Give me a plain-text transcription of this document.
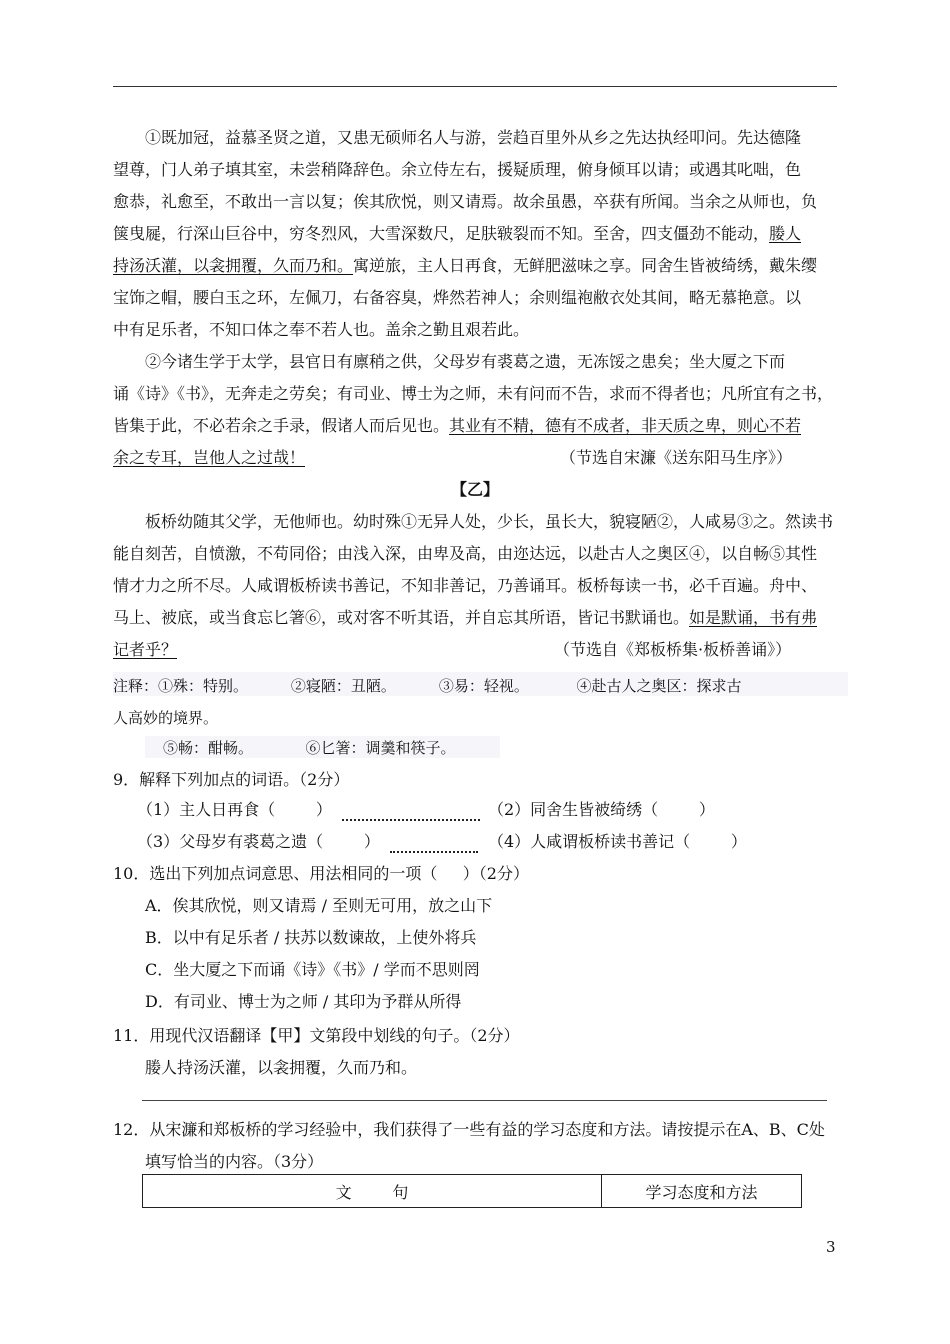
①既加冠，益慕圣贤之道，又患无硕师名人与游，尝趋百里外从乡之先达执经叩问。先达德隆
望尊，门人弟子填其室，未尝稍降辞色。余立侍左右，援疑质理，俯身倾耳以请；或遇其叱咄，色
愈恭，礼愈至，不敢出一言以复；俟其欣悦，则又请焉。故余虽愚，卒获有所闻。当余之从师也，负
箧曳屣，行深山巨谷中，穷冬烈风，大雪深数尺，足肤皲裂而不知。至舍，四支僵劲不能动，媵人
持汤沃灌，以衾拥覆，久而乃和。寓逆旅，主人日再食，无鲜肥滋味之享。同舍生皆被绮绣，戴朱缨
宝饰之帽，腰白玉之环，左佩刀，右备容臭，烨然若神人；余则缊袍敝衣处其间，略无慕艳意。以
中有足乐者，不知口体之奉不若人也。盖余之勤且艰若此。
②今诸生学于太学，县官日有廪稍之供，父母岁有裘葛之遗，无冻馁之患矣；坐大厦之下而
诵《诗》《书》，无奔走之劳矣；有司业、博士为之师，未有问而不告，求而不得者也；凡所宜有之书，
皆集于此，不必若余之手录，假诸人而后见也。其业有不精，德有不成者，非天质之卑，则心不若
余之专耳，岂他人之过哉！	（节选自宋濂《送东阳马生序》）
【乙】
板桥幼随其父学，无他师也。幼时殊①无异人处，少长，虽长大，貌寝陋②，人咸易③之。然读书
能自刻苦，自愤激，不苟同俗；由浅入深，由卑及高，由迩达远，以赴古人之奥区④，以自畅⑤其性
情才力之所不尽。人咸谓板桥读书善记，不知非善记，乃善诵耳。板桥每读一书，必千百遍。舟中、
马上、被底，或当食忘匕箸⑥，或对客不听其语，并自忘其所语，皆记书默诵也。如是默诵，书有弗
记者乎？	（节选自《郑板桥集·板桥善诵》）
注释：①殊：特别。         ②寝陋：丑陋。         ③易：轻视。          ④赴古人之奥区：探求古
人高妙的境界。
⑤畅：酣畅。           ⑥匕箸：调羹和筷子。
9．解释下列加点的词语。（2分）
（1）主人日再食（        ）	（2）同舍生皆被绮绣（        ）
（3）父母岁有裘葛之遗（        ）	（4）人咸谓板桥读书善记（        ）
10．选出下列加点词意思、用法相同的一项（     ）（2分）
A．俟其欣悦，则又请焉 / 至则无可用，放之山下
B．以中有足乐者 / 扶苏以数谏故，上使外将兵
C．坐大厦之下而诵《诗》《书》/ 学而不思则罔
D．有司业、博士为之师 / 其印为予群从所得
11．用现代汉语翻译【甲】文第段中划线的句子。（2分）
媵人持汤沃灌，以衾拥覆，久而乃和。
12．从宋濂和郑板桥的学习经验中，我们获得了一些有益的学习态度和方法。请按提示在A、B、C处
填写恰当的内容。（3分）
文        句	学习态度和方法
3
